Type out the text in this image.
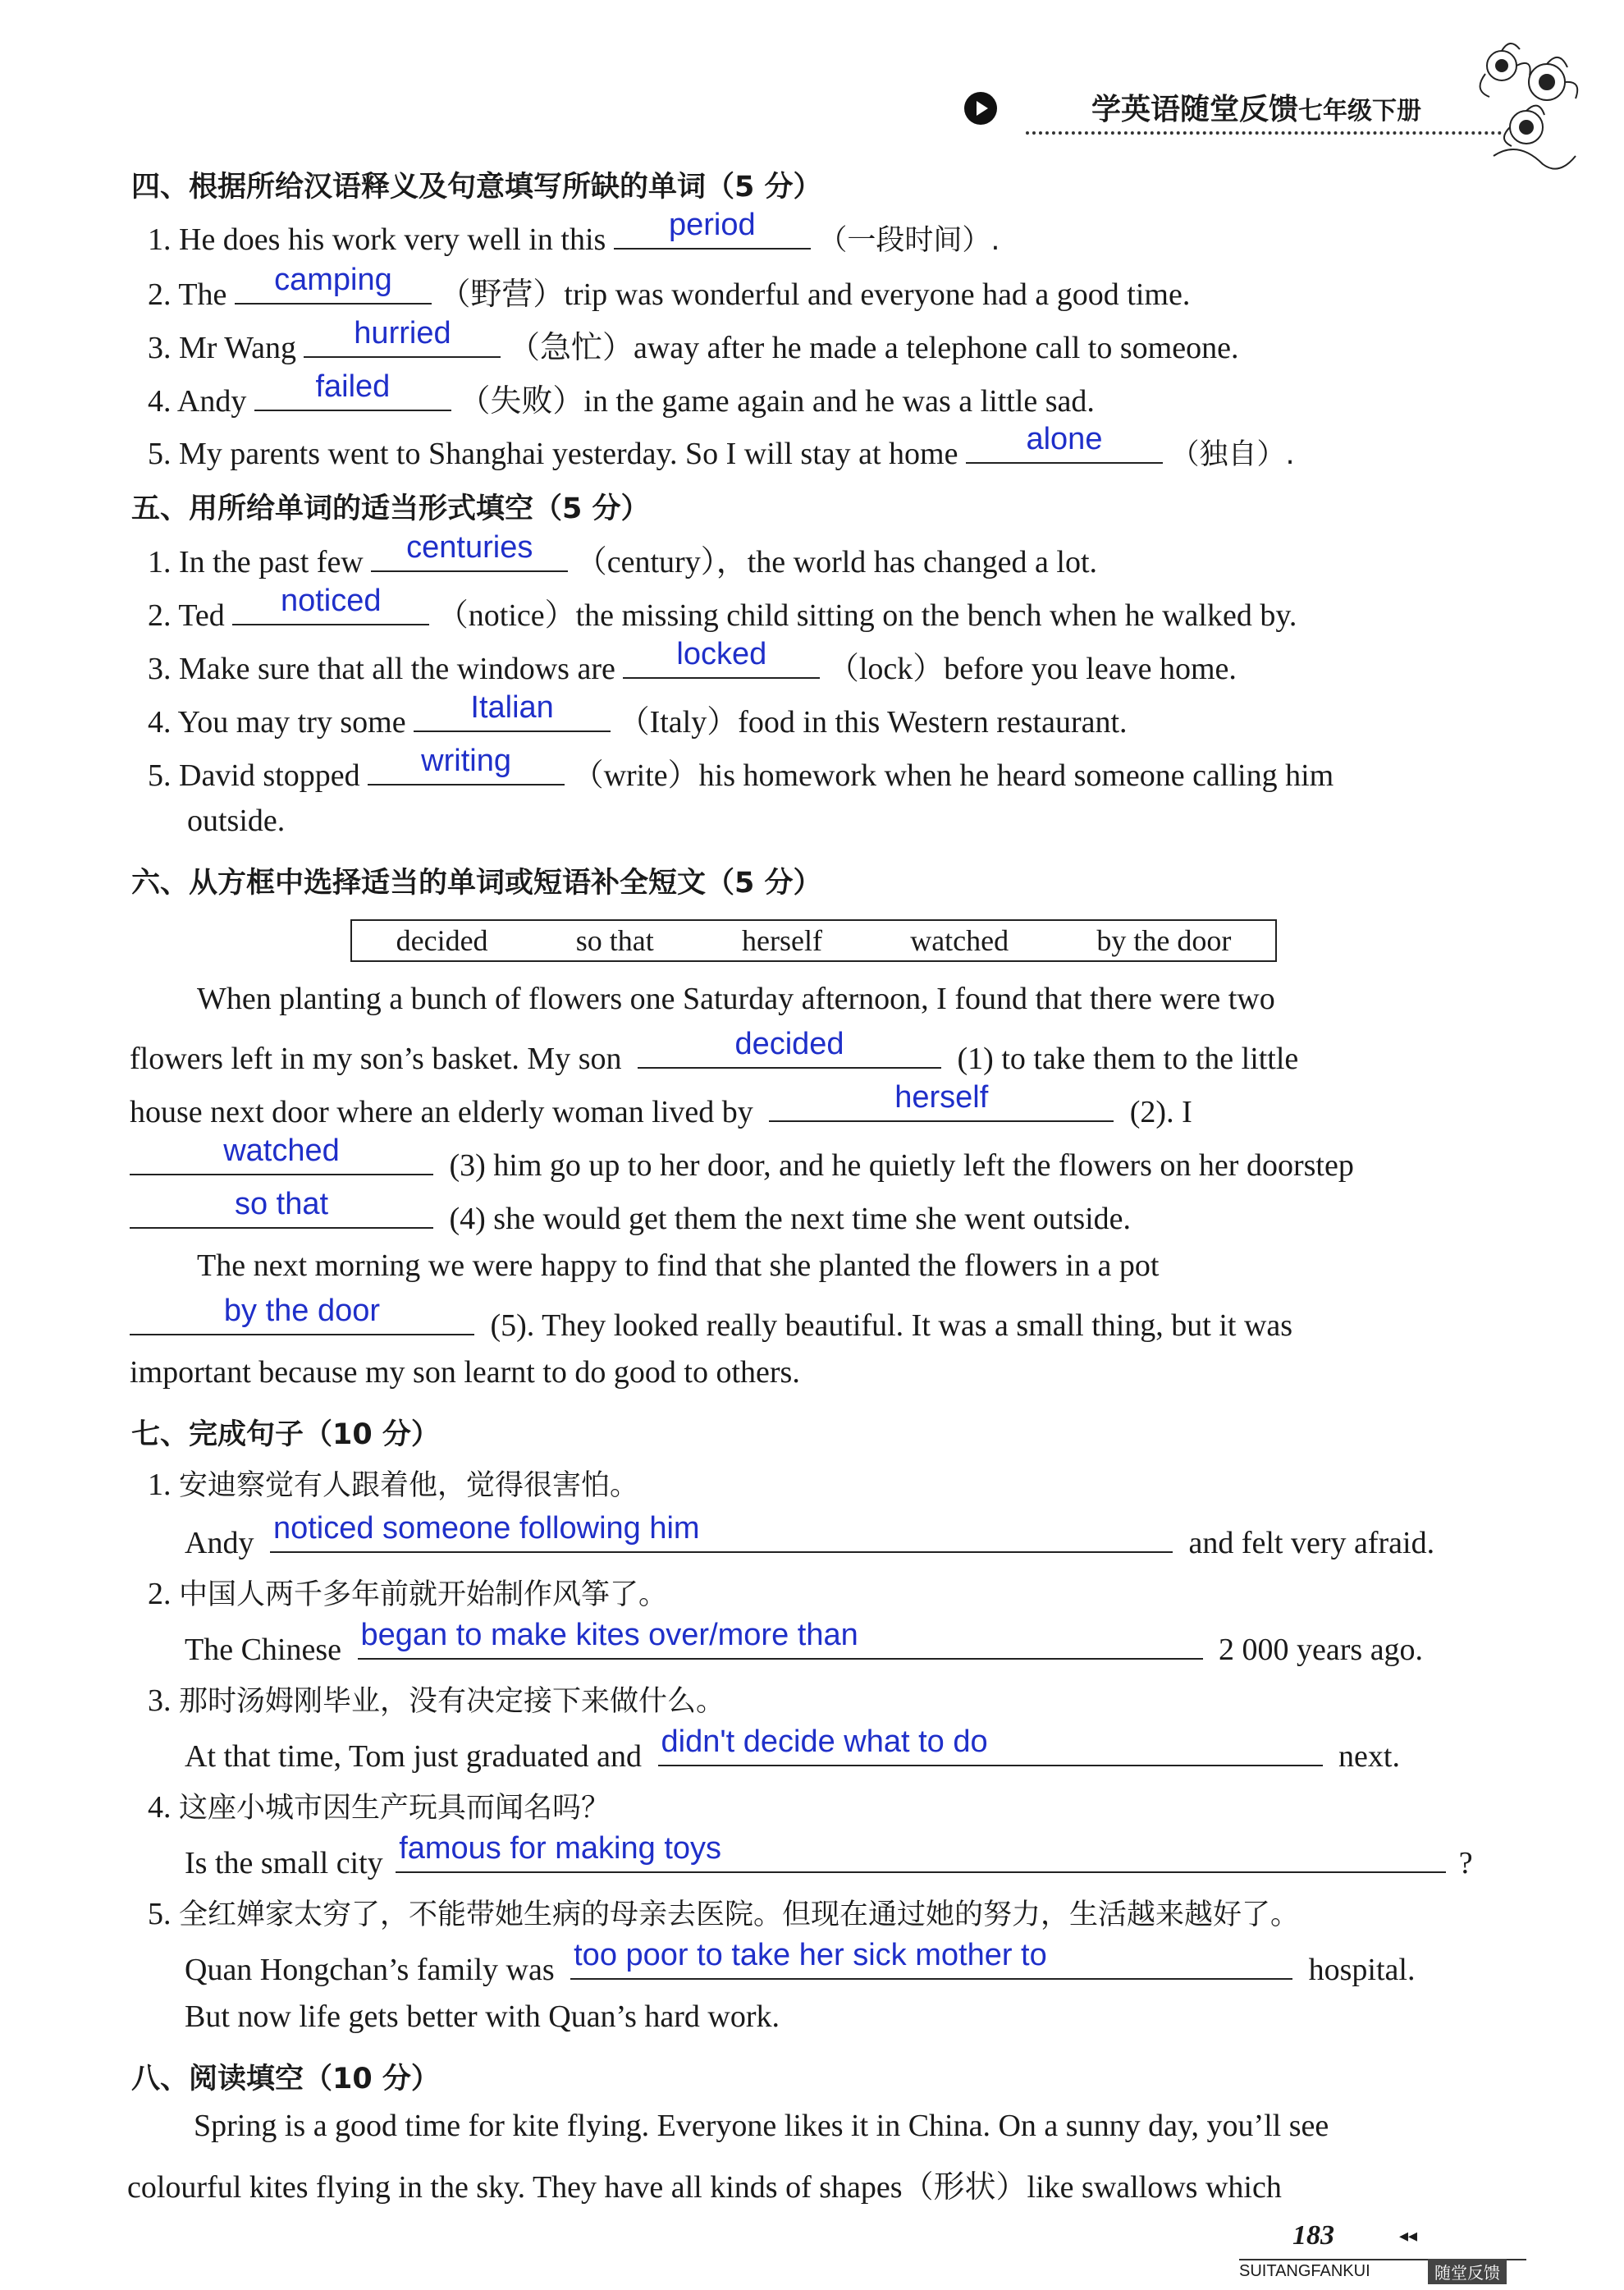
学英语随堂反馈七年级下册
四、根据所给汉语释义及句意填写所缺的单词（5 分）
1. He does his work very well in this	period	（一段时间）.
2. The	camping	（野营）trip was wonderful and everyone had a good time.
3. Mr Wang	hurried	（急忙）away after he made a telephone call to someone.
4. Andy	failed	（失败）in the game again and he was a little sad.
5. My parents went to Shanghai yesterday. So I will stay at home	alone	（独自）.
五、用所给单词的适当形式填空（5 分）
1. In the past few	centuries	（century），the world has changed a lot.
2. Ted	noticed	（notice）the missing child sitting on the bench when he walked by.
3. Make sure that all the windows are	locked	（lock）before you leave home.
4. You may try some	Italian	（Italy）food in this Western restaurant.
5. David stopped	writing	（write）his homework when he heard someone calling him
outside.
六、从方框中选择适当的单词或短语补全短文（5 分）
decided	so that	herself	watched	by the door
When planting a bunch of flowers one Saturday afternoon, I found that there were two
flowers left in my son’s basket. My son	decided	(1) to take them to the little
house next door where an elderly woman lived by	herself	(2). I
watched	(3) him go up to her door, and he quietly left the flowers on her doorstep
so that	(4) she would get them the next time she went outside.
The next morning we were happy to find that she planted the flowers in a pot
by the door	(5). They looked really beautiful. It was a small thing, but it was
important because my son learnt to do good to others.
七、完成句子（10 分）
1. 安迪察觉有人跟着他，觉得很害怕。
Andy noticed someone following him	and felt very afraid.
2. 中国人两千多年前就开始制作风筝了。
The Chinese began to make kites over/more than	2 000 years ago.
3. 那时汤姆刚毕业，没有决定接下来做什么。
At that time, Tom just graduated and didn't decide what to do	next.
4. 这座小城市因生产玩具而闻名吗？
Is the small city famous for making toys	?
5. 全红婵家太穷了，不能带她生病的母亲去医院。但现在通过她的努力，生活越来越好了。
Quan Hongchan’s family was too poor to take her sick mother to	hospital.
But now life gets better with Quan’s hard work.
八、阅读填空（10 分）
Spring is a good time for kite flying. Everyone likes it in China. On a sunny day, you’ll see
colourful kites flying in the sky. They have all kinds of shapes（形状）like swallows which
183	◂◂
SUITANGFANKUI	随堂反馈
